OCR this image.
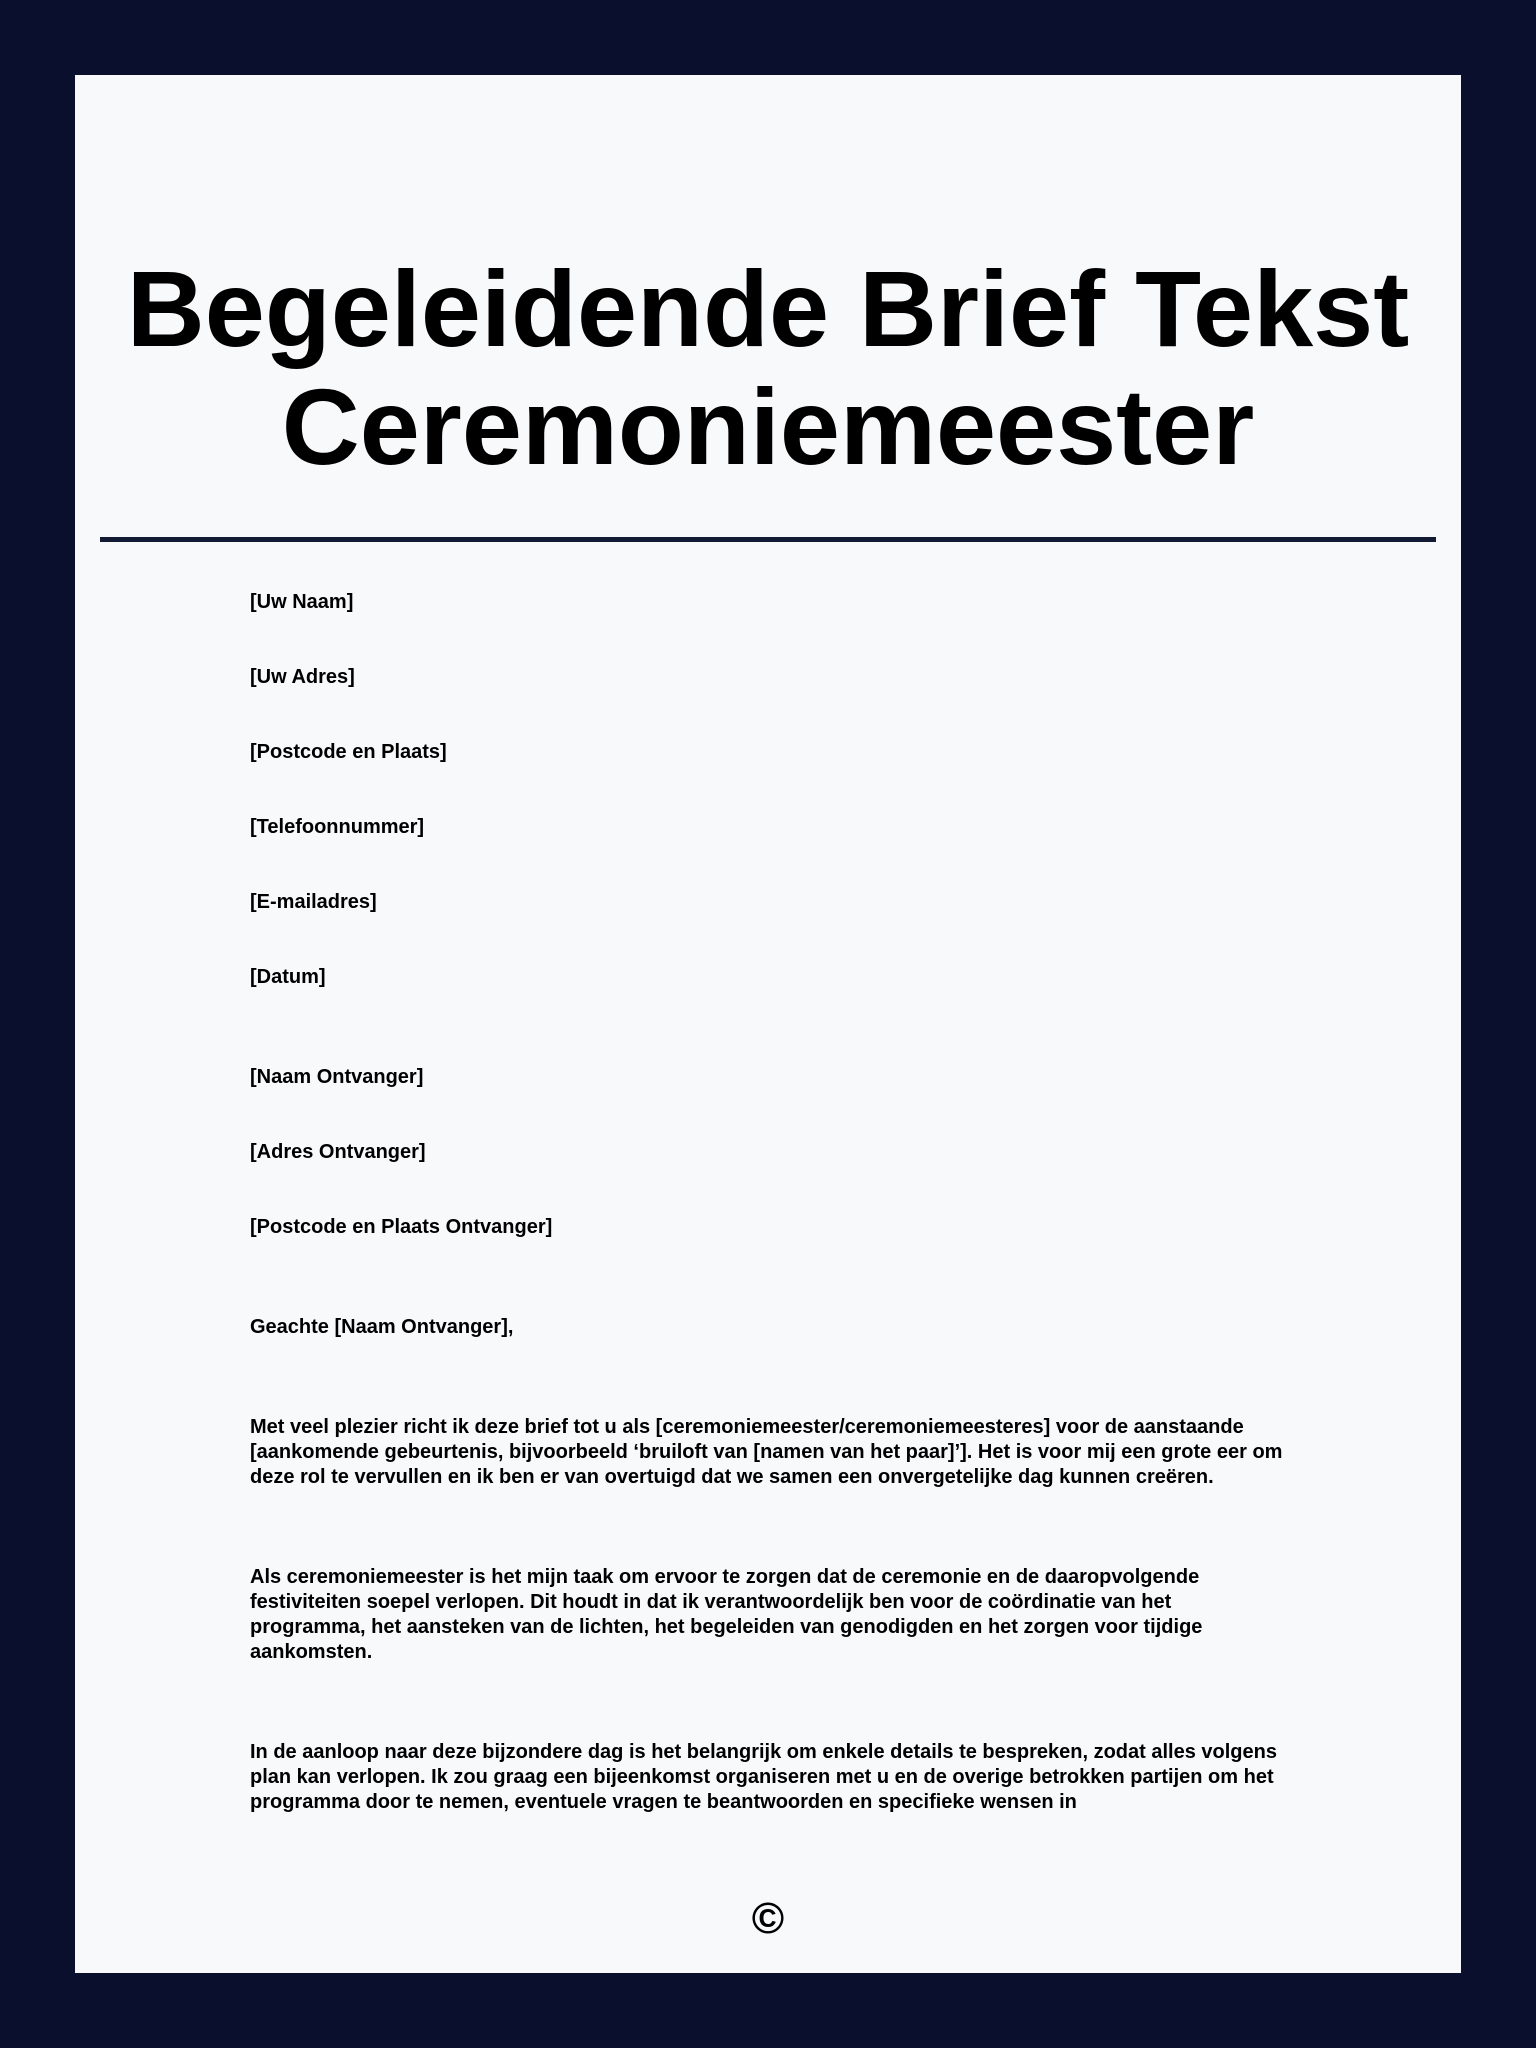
Begeleidende Brief Tekst
Ceremoniemeester
[Uw Naam]
[Uw Adres]
[Postcode en Plaats]
[Telefoonnummer]
[E-mailadres]
[Datum]
[Naam Ontvanger]
[Adres Ontvanger]
[Postcode en Plaats Ontvanger]
Geachte [Naam Ontvanger],
Met veel plezier richt ik deze brief tot u als [ceremoniemeester/ceremoniemeesteres] voor de aanstaande [aankomende gebeurtenis, bijvoorbeeld ‘bruiloft van [namen van het paar]’]. Het is voor mij een grote eer om deze rol te vervullen en ik ben er van overtuigd dat we samen een onvergetelijke dag kunnen creëren.
Als ceremoniemeester is het mijn taak om ervoor te zorgen dat de ceremonie en de daaropvolgende festiviteiten soepel verlopen. Dit houdt in dat ik verantwoordelijk ben voor de coördinatie van het programma, het aansteken van de lichten, het begeleiden van genodigden en het zorgen voor tijdige aankomsten.
In de aanloop naar deze bijzondere dag is het belangrijk om enkele details te bespreken, zodat alles volgens plan kan verlopen. Ik zou graag een bijeenkomst organiseren met u en de overige betrokken partijen om het programma door te nemen, eventuele vragen te beantwoorden en specifieke wensen in
©
